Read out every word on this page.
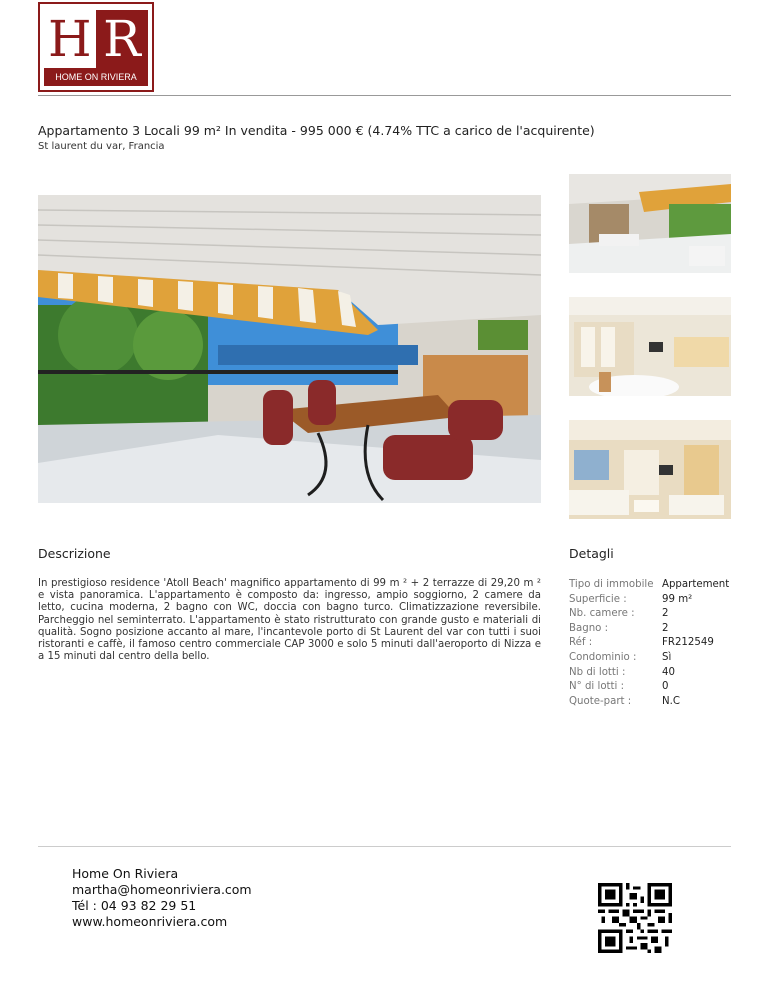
H R
HOME ON RIVIERA
Appartamento 3 Locali 99 m² In vendita - 995 000 € (4.74% TTC a carico de l'acquirente)
St laurent du var, Francia
Descrizione
In prestigioso residence 'Atoll Beach' magnifico appartamento di 99 m ² + 2 terrazze di 29,20 m ² e vista panoramica. L'appartamento è composto da: ingresso, ampio soggiorno, 2 camere da letto, cucina moderna, 2 bagno con WC, doccia con bagno turco. Climatizzazione reversibile. Parcheggio nel seminterrato. L'appartamento è stato ristrutturato con grande gusto e materiali di qualità. Sogno posizione accanto al mare, l'incantevole porto di St Laurent del var con tutti i suoi ristoranti e caffè, il famoso centro commerciale CAP 3000 e solo 5 minuti dall'aeroporto di Nizza e a 15 minuti dal centro della bello.
Detagli
Tipo di immobile Appartement
Superficie :	99 m²
Nb. camere :	2
Bagno :	2
Réf :	FR212549
Condominio :	Sì
Nb di lotti :	40
N° di lotti :	0
Quote-part :	N.C
Home On Riviera
martha@homeonriviera.com
Tél : 04 93 82 29 51
www.homeonriviera.com
